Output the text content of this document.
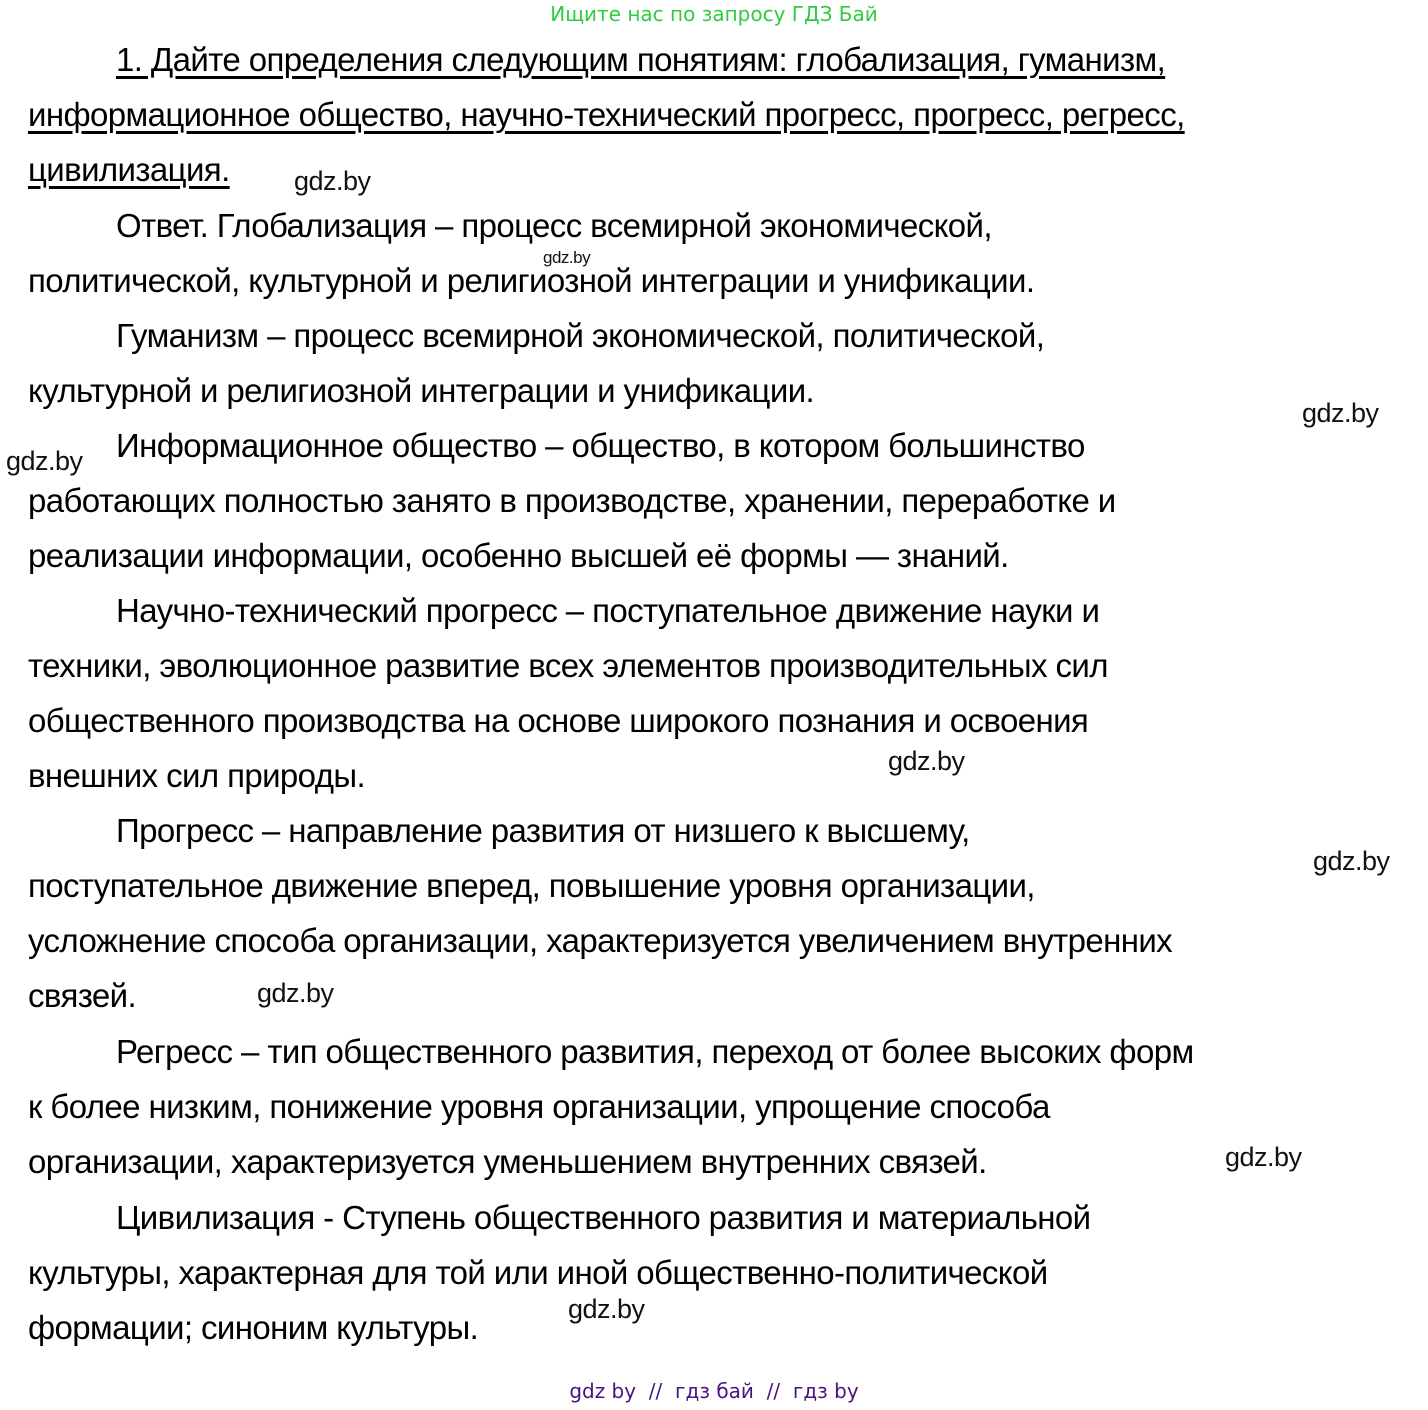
Ищите нас по запросу ГДЗ Бай
1. Дайте определения следующим понятиям: глобализация, гуманизм,
информационное общество, научно-технический прогресс, прогресс, регресс,
цивилизация.
Ответ. Глобализация – процесс всемирной экономической,
политической, культурной и религиозной интеграции и унификации.
Гуманизм – процесс всемирной экономической, политической,
культурной и религиозной интеграции и унификации.
Информационное общество – общество, в котором большинство
работающих полностью занято в производстве, хранении, переработке и
реализации информации, особенно высшей её формы — знаний.
Научно-технический прогресс – поступательное движение науки и
техники, эволюционное развитие всех элементов производительных сил
общественного производства на основе широкого познания и освоения
внешних сил природы.
Прогресс – направление развития от низшего к высшему,
поступательное движение вперед, повышение уровня организации,
усложнение способа организации, характеризуется увеличением внутренних
связей.
Регресс – тип общественного развития, переход от более высоких форм
к более низким, понижение уровня организации, упрощение способа
организации, характеризуется уменьшением внутренних связей.
Цивилизация - Ступень общественного развития и материальной
культуры, характерная для той или иной общественно-политической
формации; синоним культуры.
gdz.by
gdz.by
gdz.by
gdz.by
gdz.by
gdz.by
gdz.by
gdz.by
gdz.by
gdz by  //  гдз бай  //  гдз by
